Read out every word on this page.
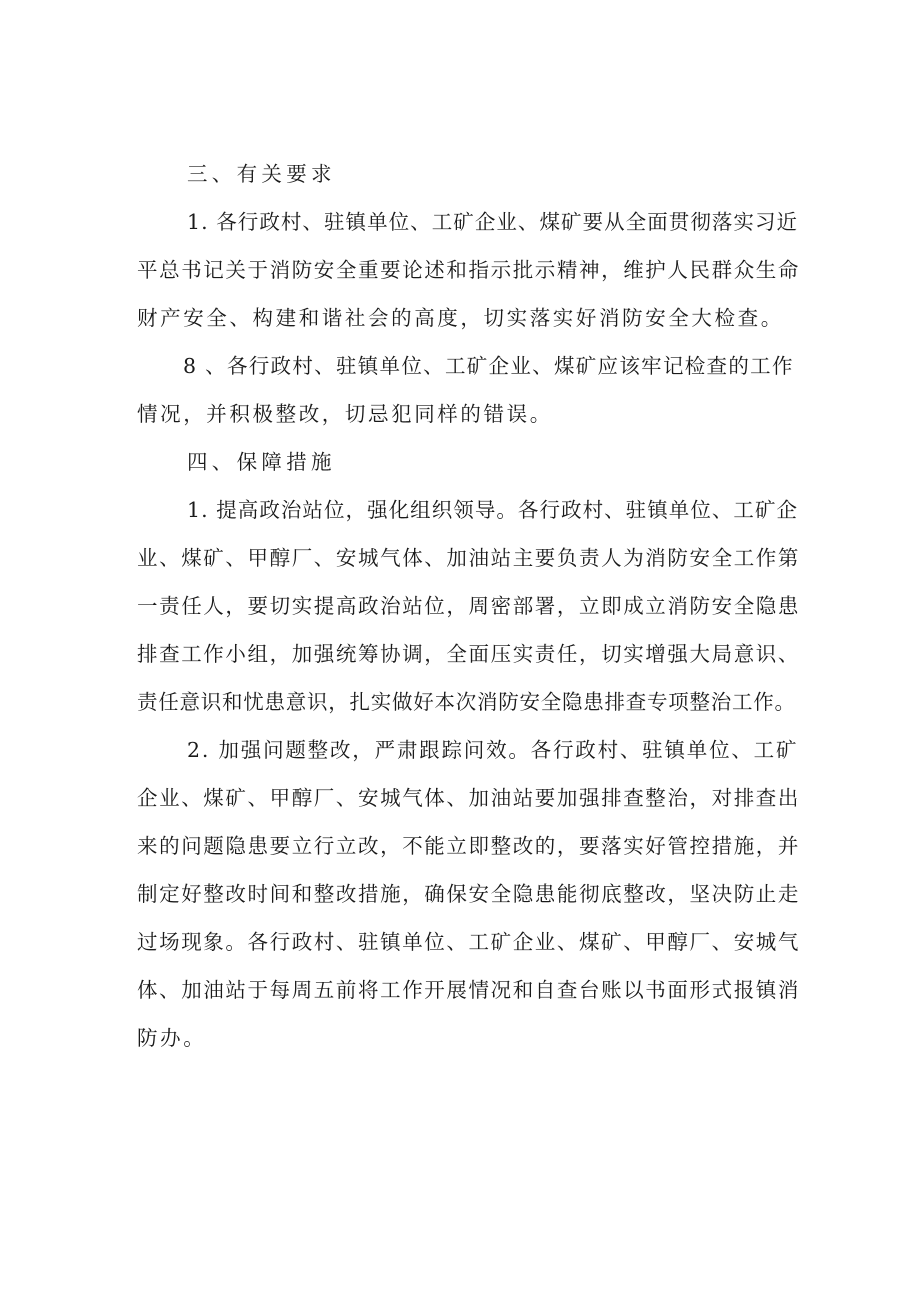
三、有关要求
1. 各行政村、驻镇单位、工矿企业、煤矿要从全面贯彻落实习近
平总书记关于消防安全重要论述和指示批示精神，维护人民群众生命
财产安全、构建和谐社会的高度，切实落实好消防安全大检查。
8 、各行政村、驻镇单位、工矿企业、煤矿应该牢记检查的工作
情况，并积极整改，切忌犯同样的错误。
四、保障措施
1. 提高政治站位，强化组织领导。各行政村、驻镇单位、工矿企
业、煤矿、甲醇厂、安城气体、加油站主要负责人为消防安全工作第
一责任人，要切实提高政治站位，周密部署，立即成立消防安全隐患
排查工作小组，加强统筹协调，全面压实责任，切实增强大局意识、
责任意识和忧患意识，扎实做好本次消防安全隐患排查专项整治工作。
2. 加强问题整改，严肃跟踪问效。各行政村、驻镇单位、工矿
企业、煤矿、甲醇厂、安城气体、加油站要加强排查整治，对排查出
来的问题隐患要立行立改，不能立即整改的，要落实好管控措施，并
制定好整改时间和整改措施，确保安全隐患能彻底整改，坚决防止走
过场现象。各行政村、驻镇单位、工矿企业、煤矿、甲醇厂、安城气
体、加油站于每周五前将工作开展情况和自查台账以书面形式报镇消
防办。
